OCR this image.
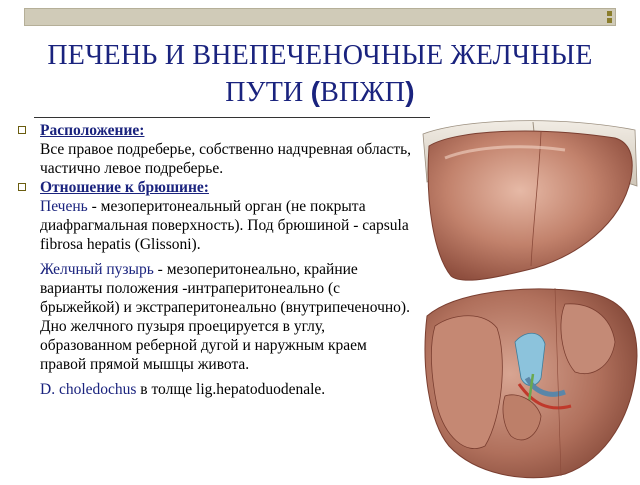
ПЕЧЕНЬ И ВНЕПЕЧЕНОЧНЫЕ ЖЕЛЧНЫЕ
ПУТИ (ВПЖП)
Расположение:

Все правое подреберье, собственно надчревная область, частично левое подреберье.

Отношение к брюшине:

Печень - мезоперитонеальный орган (не покрыта диафрагмальная поверхность). Под брюшиной - capsula fibrosa hepatis (Glissoni).

Желчный пузырь - мезоперитонеально, крайние варианты положения -интраперитонеально (с брыжейкой) и экстраперитонеально (внутрипеченочно). Дно желчного пузыря проецируется в углу, образованном реберной дугой и наружным краем правой прямой мышцы живота.

D. choledochus в толще lig.hepatoduodenale.
